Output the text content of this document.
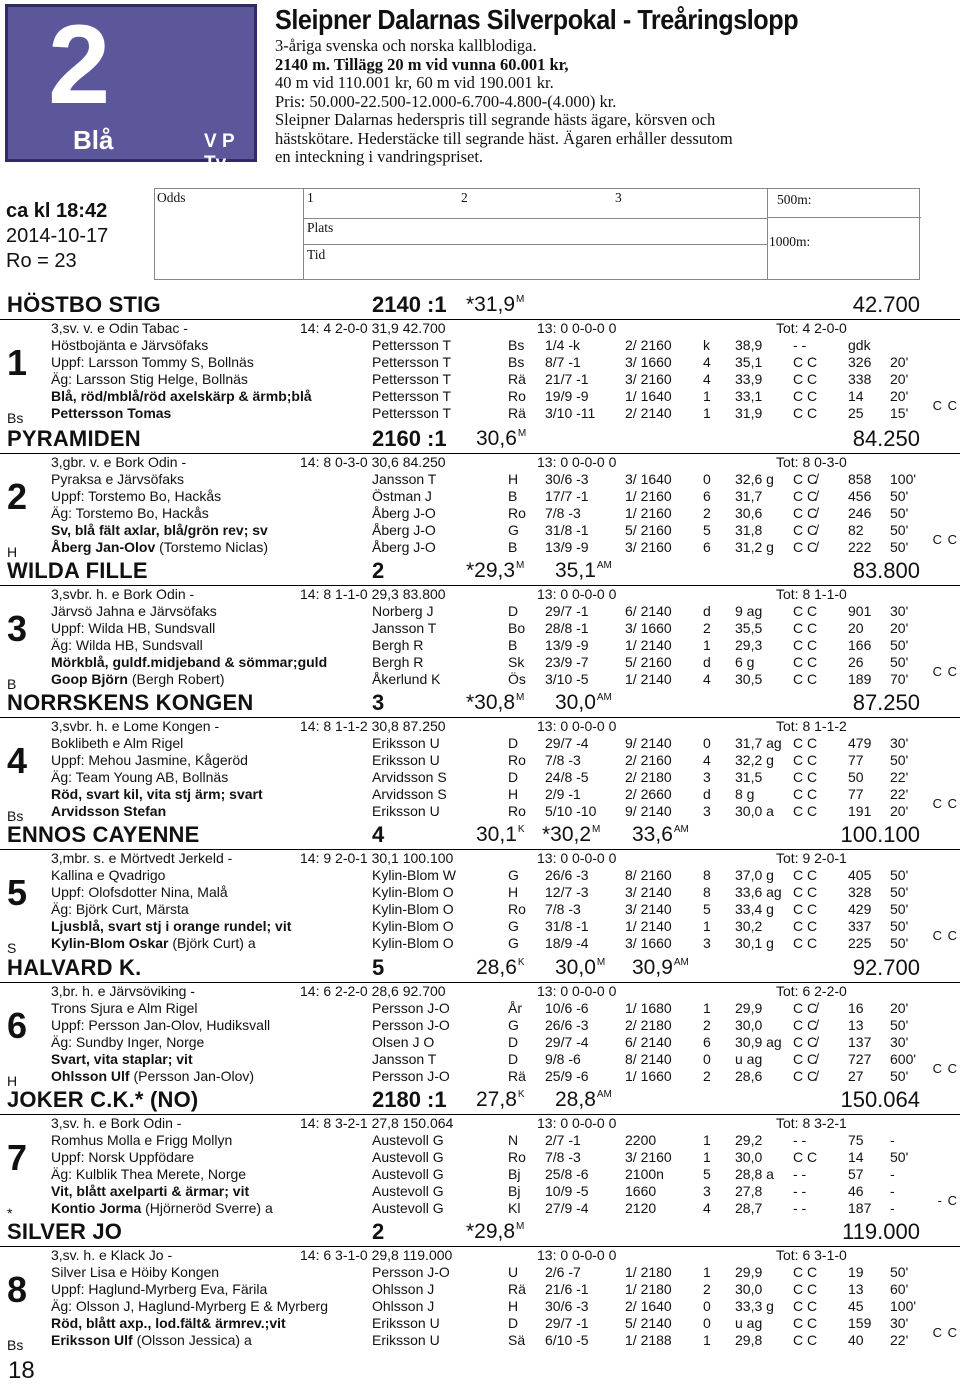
2
Blå	V P Tv
Sleipner Dalarnas Silverpokal - Treåringslopp
3-åriga svenska och norska kallblodiga.
2140 m. Tillägg 20 m vid vunna 60.001 kr,
40 m vid 110.001 kr, 60 m vid 190.001 kr.
Pris: 50.000-22.500-12.000-6.700-4.800-(4.000) kr.
Sleipner Dalarnas hederspris till segrande hästs ägare, körsven och
hästskötare. Hederstäcke till segrande häst. Ägaren erhåller dessutom
en inteckning i vandringspriset.
ca kl 18:42
2014-10-17
Ro = 23
Odds	1	2	3
Plats
Tid
500m:
1000m:
HÖSTBO STIG	2140 :1 $*31,9^M$	42.700
3,sv. v. e Odin Tabac -	14: 4 2-0-0 31,9 42.700	13: 0 0-0-0 0	Tot: 4 2-0-0
1
Bs
Pettersson T	Bs 1/4 -k	2/ 2160 k 38,9 - -	gdk
Pettersson T	Bs 8/7 -1	3/ 1660 4 35,1 C C 326 20'
Pettersson T	Rä 21/7 -1	3/ 2160 4 33,9 C C 338 20'
Pettersson T	Ro 19/9 -9	1/ 1640 1 33,1 C C 14 20'
Pettersson T	Rä 3/10 -11 2/ 2140 1 31,9 C C 25 15'
Höstbojänta e Järvsöfaks
Uppf: Larsson Tommy S, Bollnäs
Äg: Larsson Stig Helge, Bollnäs
Blå, röd/mblå/röd axelskärp & ärmb;blå
Pettersson Tomas	C C
PYRAMIDEN	2160 :1 $30,6^M$	84.250
3,gbr. v. e Bork Odin -	14: 8 0-3-0 30,6 84.250	13: 0 0-0-0 0	Tot: 8 0-3-0
2
H
Jansson T	H 30/6 -3	3/ 1640 0 32,6 g C C̸ 858 100'
Östman J	B 17/7 -1	1/ 2160 6 31,7 C C̸ 456 50'
Åberg J-O	Ro 7/8 -3	1/ 2160 2 30,6 C C̸ 246 50'
Åberg J-O	G 31/8 -1	5/ 2160 5 31,8 C C̸ 82 50'
Åberg J-O	B 13/9 -9	3/ 2160 6 31,2 g C C̸ 222 50'
Pyraksa e Järvsöfaks
Uppf: Torstemo Bo, Hackås
Äg: Torstemo Bo, Hackås
Sv, blå fält axlar, blå/grön rev; sv
Åberg Jan-Olov (Torstemo Niclas)	C C
WILDA FILLE	2	$*29,3^M$ $35,1^{AM}$	83.800
3,svbr. h. e Bork Odin -	14: 8 1-1-0 29,3 83.800	13: 0 0-0-0 0	Tot: 8 1-1-0
3
B
Norberg J	D 29/7 -1	6/ 2140 d 9 ag C C 901 30'
Jansson T	Bo 28/8 -1	3/ 1660 2 35,5 C C 20 20'
Bergh R	B 13/9 -9	1/ 2140 1 29,3 C C 166 50'
Bergh R	Sk 23/9 -7	5/ 2160 d 6 g	C C 26 50'
Åkerlund K	Ös 3/10 -5	1/ 2140 4 30,5 C C 189 70'
Järvsö Jahna e Järvsöfaks
Uppf: Wilda HB, Sundsvall
Äg: Wilda HB, Sundsvall
Mörkblå, guldf.midjeband & sömmar;guld
Goop Björn (Bergh Robert)	C C
NORRSKENS KONGEN	3	$*30,8^M$ $30,0^{AM}$	87.250
3,svbr. h. e Lome Kongen -	14: 8 1-1-2 30,8 87.250	13: 0 0-0-0 0	Tot: 8 1-1-2
4
Bs
Eriksson U	D 29/7 -4	9/ 2140 0 31,7 ag C C 479 30'
Eriksson U	Ro 7/8 -3	2/ 2160 4 32,2 g C C 77 50'
Arvidsson S	D 24/8 -5	2/ 2180 3 31,5 C C 50 22'
Arvidsson S	H 2/9 -1	2/ 2660 d 8 g	C C 77 22'
Eriksson U	Ro 5/10 -10 9/ 2140 3 30,0 a C C 191 20'
Boklibeth e Alm Rigel
Uppf: Mehou Jasmine, Kågeröd
Äg: Team Young AB, Bollnäs
Röd, svart kil, vita stj ärm; svart
Arvidsson Stefan	C C
ENNOS CAYENNE	4	$30,1^K$ $*30,2^M$ $33,6^{AM}$	100.100
3,mbr. s. e Mörtvedt Jerkeld -	14: 9 2-0-1 30,1 100.100	13: 0 0-0-0 0	Tot: 9 2-0-1
5
S
Kylin-Blom W	G 26/6 -3	8/ 2160 8 37,0 g C C 405 50'
Kylin-Blom O	H 12/7 -3	3/ 2140 8 33,6 ag C C 328 50'
Kylin-Blom O	Ro 7/8 -3	3/ 2140 5 33,4 g C C 429 50'
Kylin-Blom O	G 31/8 -1	1/ 2140 1 30,2 C C 337 50'
Kylin-Blom O	G 18/9 -4	3/ 1660 3 30,1 g C C 225 50'
Kallina e Qvadrigo
Uppf: Olofsdotter Nina, Malå
Äg: Björk Curt, Märsta
Ljusblå, svart stj i orange rundel; vit
Kylin-Blom Oskar (Björk Curt) a	C C
HALVARD K.	5	$28,6^K$ $30,0^M$ $30,9^{AM}$	92.700
3,br. h. e Järvsöviking -	14: 6 2-2-0 28,6 92.700	13: 0 0-0-0 0	Tot: 6 2-2-0
6
H
Persson J-O	År 10/6 -6	1/ 1680 1 29,9 C C̸ 16 20'
Persson J-O	G 26/6 -3	2/ 2180 2 30,0 C C̸ 13 50'
Olsen J O	D 29/7 -4	6/ 2140 6 30,9 ag C C̸ 137 30'
Jansson T	D 9/8 -6	8/ 2140 0 u ag C C̸ 727 600'
Persson J-O	Rä 25/9 -6	1/ 1660 2 28,6 C C̸ 27 50'
Trons Sjura e Alm Rigel
Uppf: Persson Jan-Olov, Hudiksvall
Äg: Sundby Inger, Norge
Svart, vita staplar; vit
Ohlsson Ulf (Persson Jan-Olov)	C C
JOKER C.K.* (NO)	2180 :1 $27,8^K$ $28,8^{AM}$	150.064
3,sv. h. e Bork Odin -	14: 8 3-2-1 27,8 150.064	13: 0 0-0-0 0	Tot: 8 3-2-1
7
*
Austevoll G	N 2/7 -1	2200	1 29,2 - -	75 -
Austevoll G	Ro 7/8 -3	3/ 2160 1 30,0 C C 14 50'
Austevoll G	Bj 25/8 -6	2100n	5 28,8 a - -	57 -
Austevoll G	Bj 10/9 -5	1660	3 27,8 - -	46 -
Austevoll G	Kl 27/9 -4	2120	4 28,7 - -	187 -
Romhus Molla e Frigg Mollyn
Uppf: Norsk Uppfödare
Äg: Kulblik Thea Merete, Norge
Vit, blått axelparti & ärmar; vit
Kontio Jorma (Hjörneröd Sverre) a	- C
SILVER JO	2	$*29,8^M$	119.000
3,sv. h. e Klack Jo -	14: 6 3-1-0 29,8 119.000	13: 0 0-0-0 0	Tot: 6 3-1-0
8
Bs
Persson J-O	U 2/6 -7	1/ 2180 1 29,9 C C 19 50'
Ohlsson J	Rä 21/6 -1	1/ 2180 2 30,0 C C 13 60'
Ohlsson J	H 30/6 -3	2/ 1640 0 33,3 g C C 45 100'
Eriksson U	D 29/7 -1	5/ 2140 0 u ag C C 159 30'
Eriksson U	Sä 6/10 -5	1/ 2188 1 29,8 C C 40 22'
Silver Lisa e Höiby Kongen
Uppf: Haglund-Myrberg Eva, Färila
Äg: Olsson J, Haglund-Myrberg E & Myrberg
Röd, blått axp., lod.fält& ärmrev.;vit
Eriksson Ulf (Olsson Jessica) a	C C
18
